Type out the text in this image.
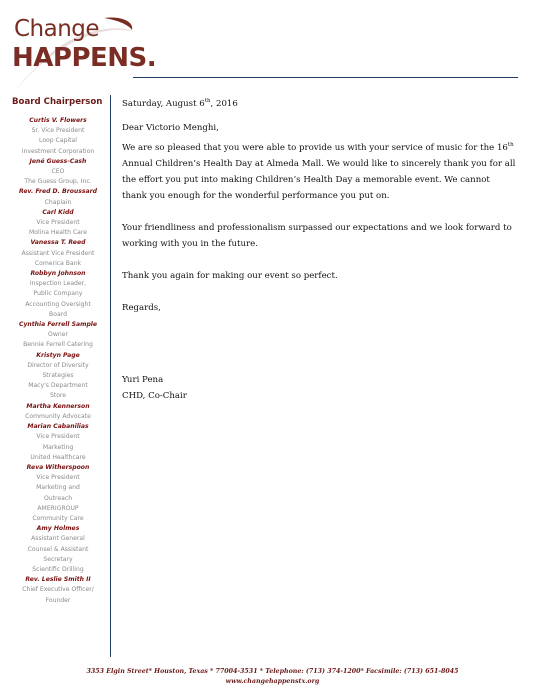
Change
HAPPENS.
Board Chairperson
Curtis V. Flowers
Sr. Vice President
Loop Capital
Investment Corporation
Jené Guess-Cash
CEO
The Guess Group, Inc.
Rev. Fred D. Broussard
Chaplain
Carl Kidd
Vice President
Molina Health Care
Vanessa T. Reed
Assistant Vice President
Comerica Bank
Robbyn Johnson
Inspection Leader,
Public Company
Accounting Oversight
Board
Cynthia Ferrell Sample
Owner
Bennie Ferrell Catering
Kristyn Page
Director of Diversity
Strategies
Macy's Department
Store
Martha Kennerson
Community Advocate
Marian Cabanilias
Vice President
Marketing
United Healthcare
Reva Witherspoon
Vice President
Marketing and
Outreach
AMERIGROUP
Community Care
Amy Holmes
Assistant General
Counsel & Assistant
Secretary
Scientific Drilling
Rev. Leslie Smith II
Chief Executive Officer/
Founder

Saturday, August 6th, 2016

Dear Victorio Menghi,

We are so pleased that you were able to provide us with your service of music for the 16th Annual Children’s Health Day at Almeda Mall. We would like to sincerely thank you for all the effort you put into making Children’s Health Day a memorable event. We cannot thank you enough for the wonderful performance you put on.

Your friendliness and professionalism surpassed our expectations and we look forward to working with you in the future.

Thank you again for making our event so perfect.

Regards,

Yuri Pena

CHD, Co-Chair

3353 Elgin Street* Houston, Texas * 77004-3531 * Telephone: (713) 374-1200* Facsimile: (713) 651-8045
www.changehappenstx.org
